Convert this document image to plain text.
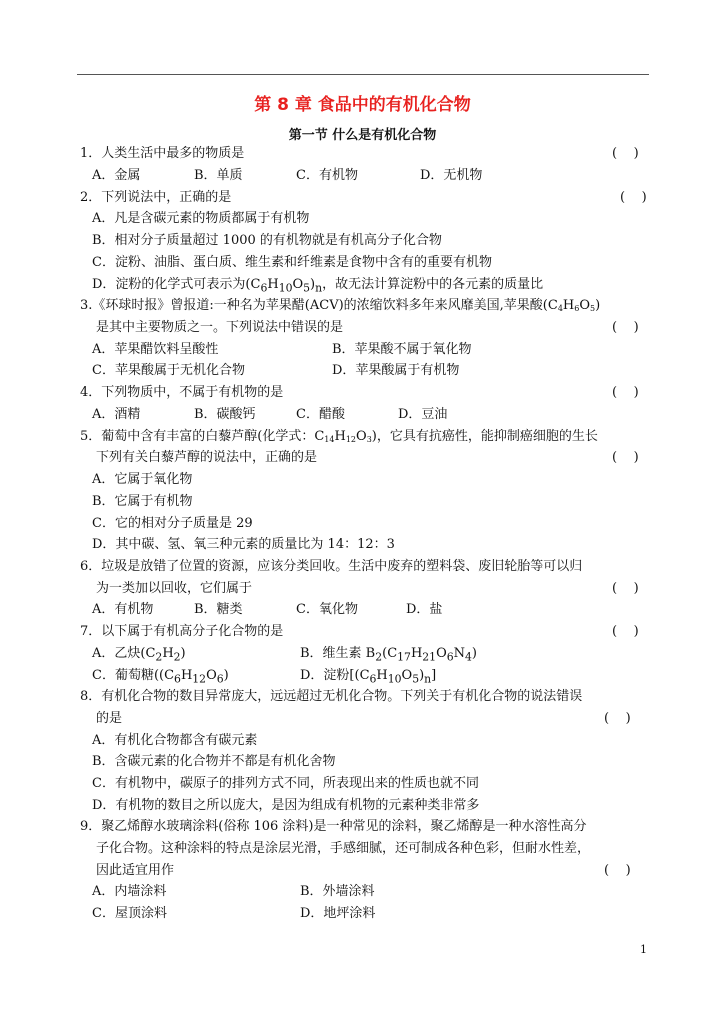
第 8 章 食品中的有机化合物
第一节 什么是有机化合物
1．人类生活中最多的物质是	(    )
A．金属	B．单质	C．有机物	D．无机物
2．下列说法中，正确的是	(    )
A．凡是含碳元素的物质都属于有机物
B．相对分子质量超过 1000 的有机物就是有机高分子化合物
C．淀粉、油脂、蛋白质、维生素和纤维素是食物中含有的重要有机物
D．淀粉的化学式可表示为$(C_6H_{10}O_5)_n$，故无法计算淀粉中的各元素的质量比
3.《环球时报》曾报道:一种名为苹果醋(ACV)的浓缩饮料多年来风靡美国,苹果酸$(C_4H_6O_5)$
是其中主要物质之一。下列说法中错误的是	(    )
A．苹果醋饮料呈酸性	B．苹果酸不属于氧化物
C．苹果酸属于无机化合物	D．苹果酸属于有机物
4．下列物质中，不属于有机物的是	(    )
A．酒精	B．碳酸钙	C．醋酸	D．豆油
5．葡萄中含有丰富的白藜芦醇(化学式：$C_{14}H_{12}O_3$)，它具有抗癌性，能抑制癌细胞的生长
下列有关白藜芦醇的说法中，正确的是	(    )
A．它属于氧化物
B．它属于有机物
C．它的相对分子质量是 29
D．其中碳、氢、氧三种元素的质量比为 14：12：3
6．垃圾是放错了位置的资源，应该分类回收。生活中废弃的塑料袋、废旧轮胎等可以归
为一类加以回收，它们属于	(    )
A．有机物	B．糖类	C．氧化物	D．盐
7．以下属于有机高分子化合物的是	(    )
A．乙炔$(C_2H_2)$	B．维生素 $B_2(C_{17}H_{21}O_6N_4)$
C．葡萄糖($(C_6H_{12}O_6)$	D．淀粉$[(C_6H_{10}O_5)_n]$
8．有机化合物的数目异常庞大，远远超过无机化合物。下列关于有机化合物的说法错误
的是	(    )
A．有机化合物都含有碳元素
B．含碳元素的化合物并不都是有机化舍物
C．有机物中，碳原子的排列方式不同，所表现出来的性质也就不同
D．有机物的数目之所以庞大，是因为组成有机物的元素种类非常多
9．聚乙烯醇水玻璃涂料(俗称 106 涂料)是一种常见的涂料，聚乙烯醇是一种水溶性高分
子化合物。这种涂料的特点是涂层光滑，手感细腻，还可制成各种色彩，但耐水性差，
因此适宜用作	(    )
A．内墙涂料	B．外墙涂料
C．屋顶涂料	D．地坪涂料
1
